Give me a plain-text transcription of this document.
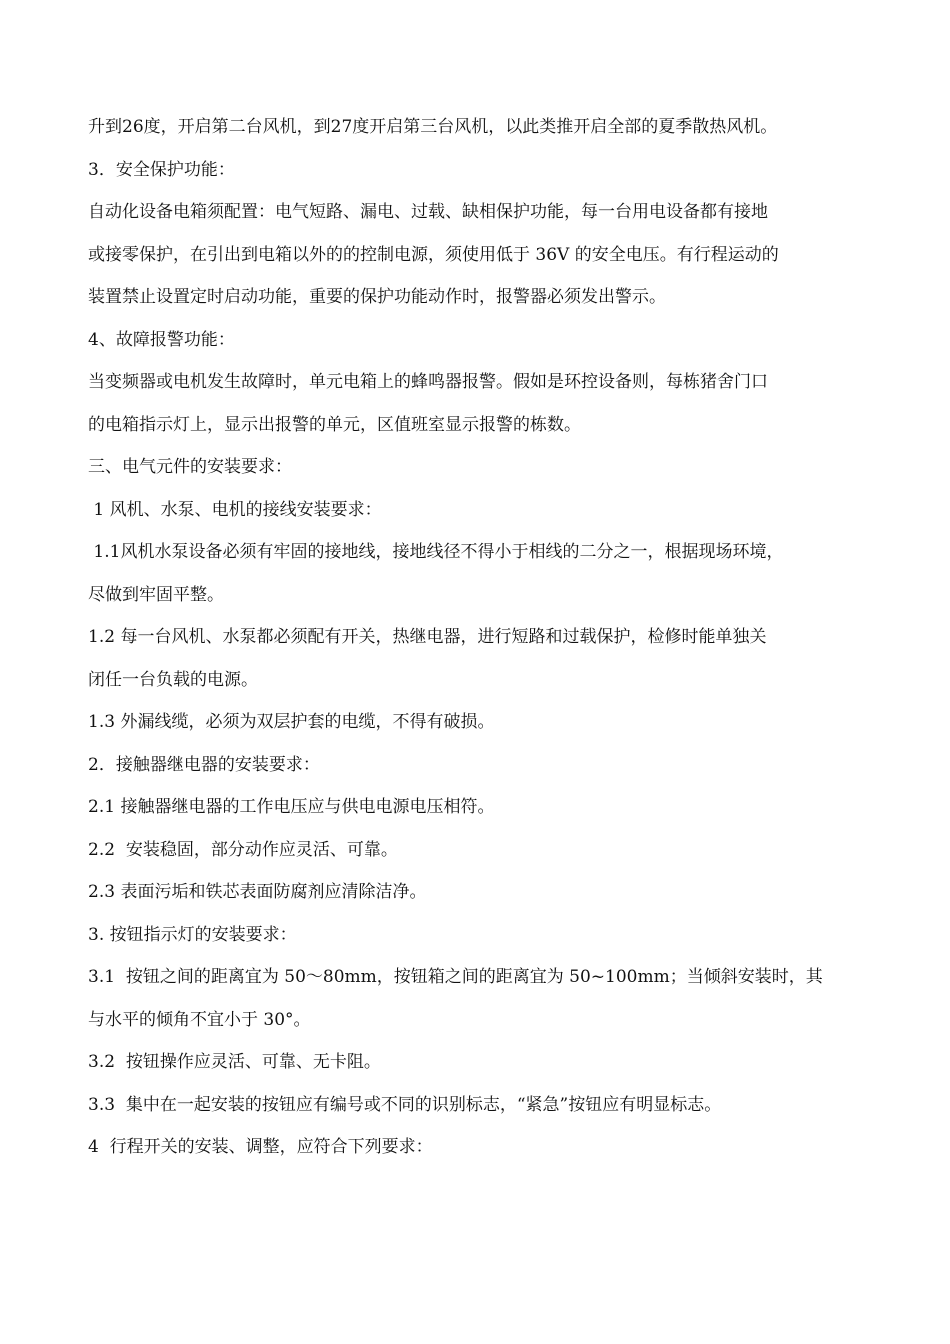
升到26度，开启第二台风机，到27度开启第三台风机，以此类推开启全部的夏季散热风机。
3．安全保护功能：
自动化设备电箱须配置：电气短路、漏电、过载、缺相保护功能，每一台用电设备都有接地
或接零保护，在引出到电箱以外的的控制电源，须使用低于 36V 的安全电压。有行程运动的
装置禁止设置定时启动功能，重要的保护功能动作时，报警器必须发出警示。
4、故障报警功能：
当变频器或电机发生故障时，单元电箱上的蜂鸣器报警。假如是环控设备则，每栋猪舍门口
的电箱指示灯上，显示出报警的单元，区值班室显示报警的栋数。
三、电气元件的安装要求：
1 风机、水泵、电机的接线安装要求：
1.1风机水泵设备必须有牢固的接地线，接地线径不得小于相线的二分之一，根据现场环境，
尽做到牢固平整。
1.2 每一台风机、水泵都必须配有开关，热继电器，进行短路和过载保护，检修时能单独关
闭任一台负载的电源。
1.3 外漏线缆，必须为双层护套的电缆，不得有破损。
2．接触器继电器的安装要求：
2.1 接触器继电器的工作电压应与供电电源电压相符。
2.2  安装稳固，部分动作应灵活、可靠。
2.3 表面污垢和铁芯表面防腐剂应清除洁净。
3. 按钮指示灯的安装要求：
3.1  按钮之间的距离宜为 50～80mm，按钮箱之间的距离宜为 50~100mm；当倾斜安装时，其
与水平的倾角不宜小于 30°。
3.2  按钮操作应灵活、可靠、无卡阻。
3.3  集中在一起安装的按钮应有编号或不同的识别标志，“紧急”按钮应有明显标志。
4  行程开关的安装、调整，应符合下列要求：
